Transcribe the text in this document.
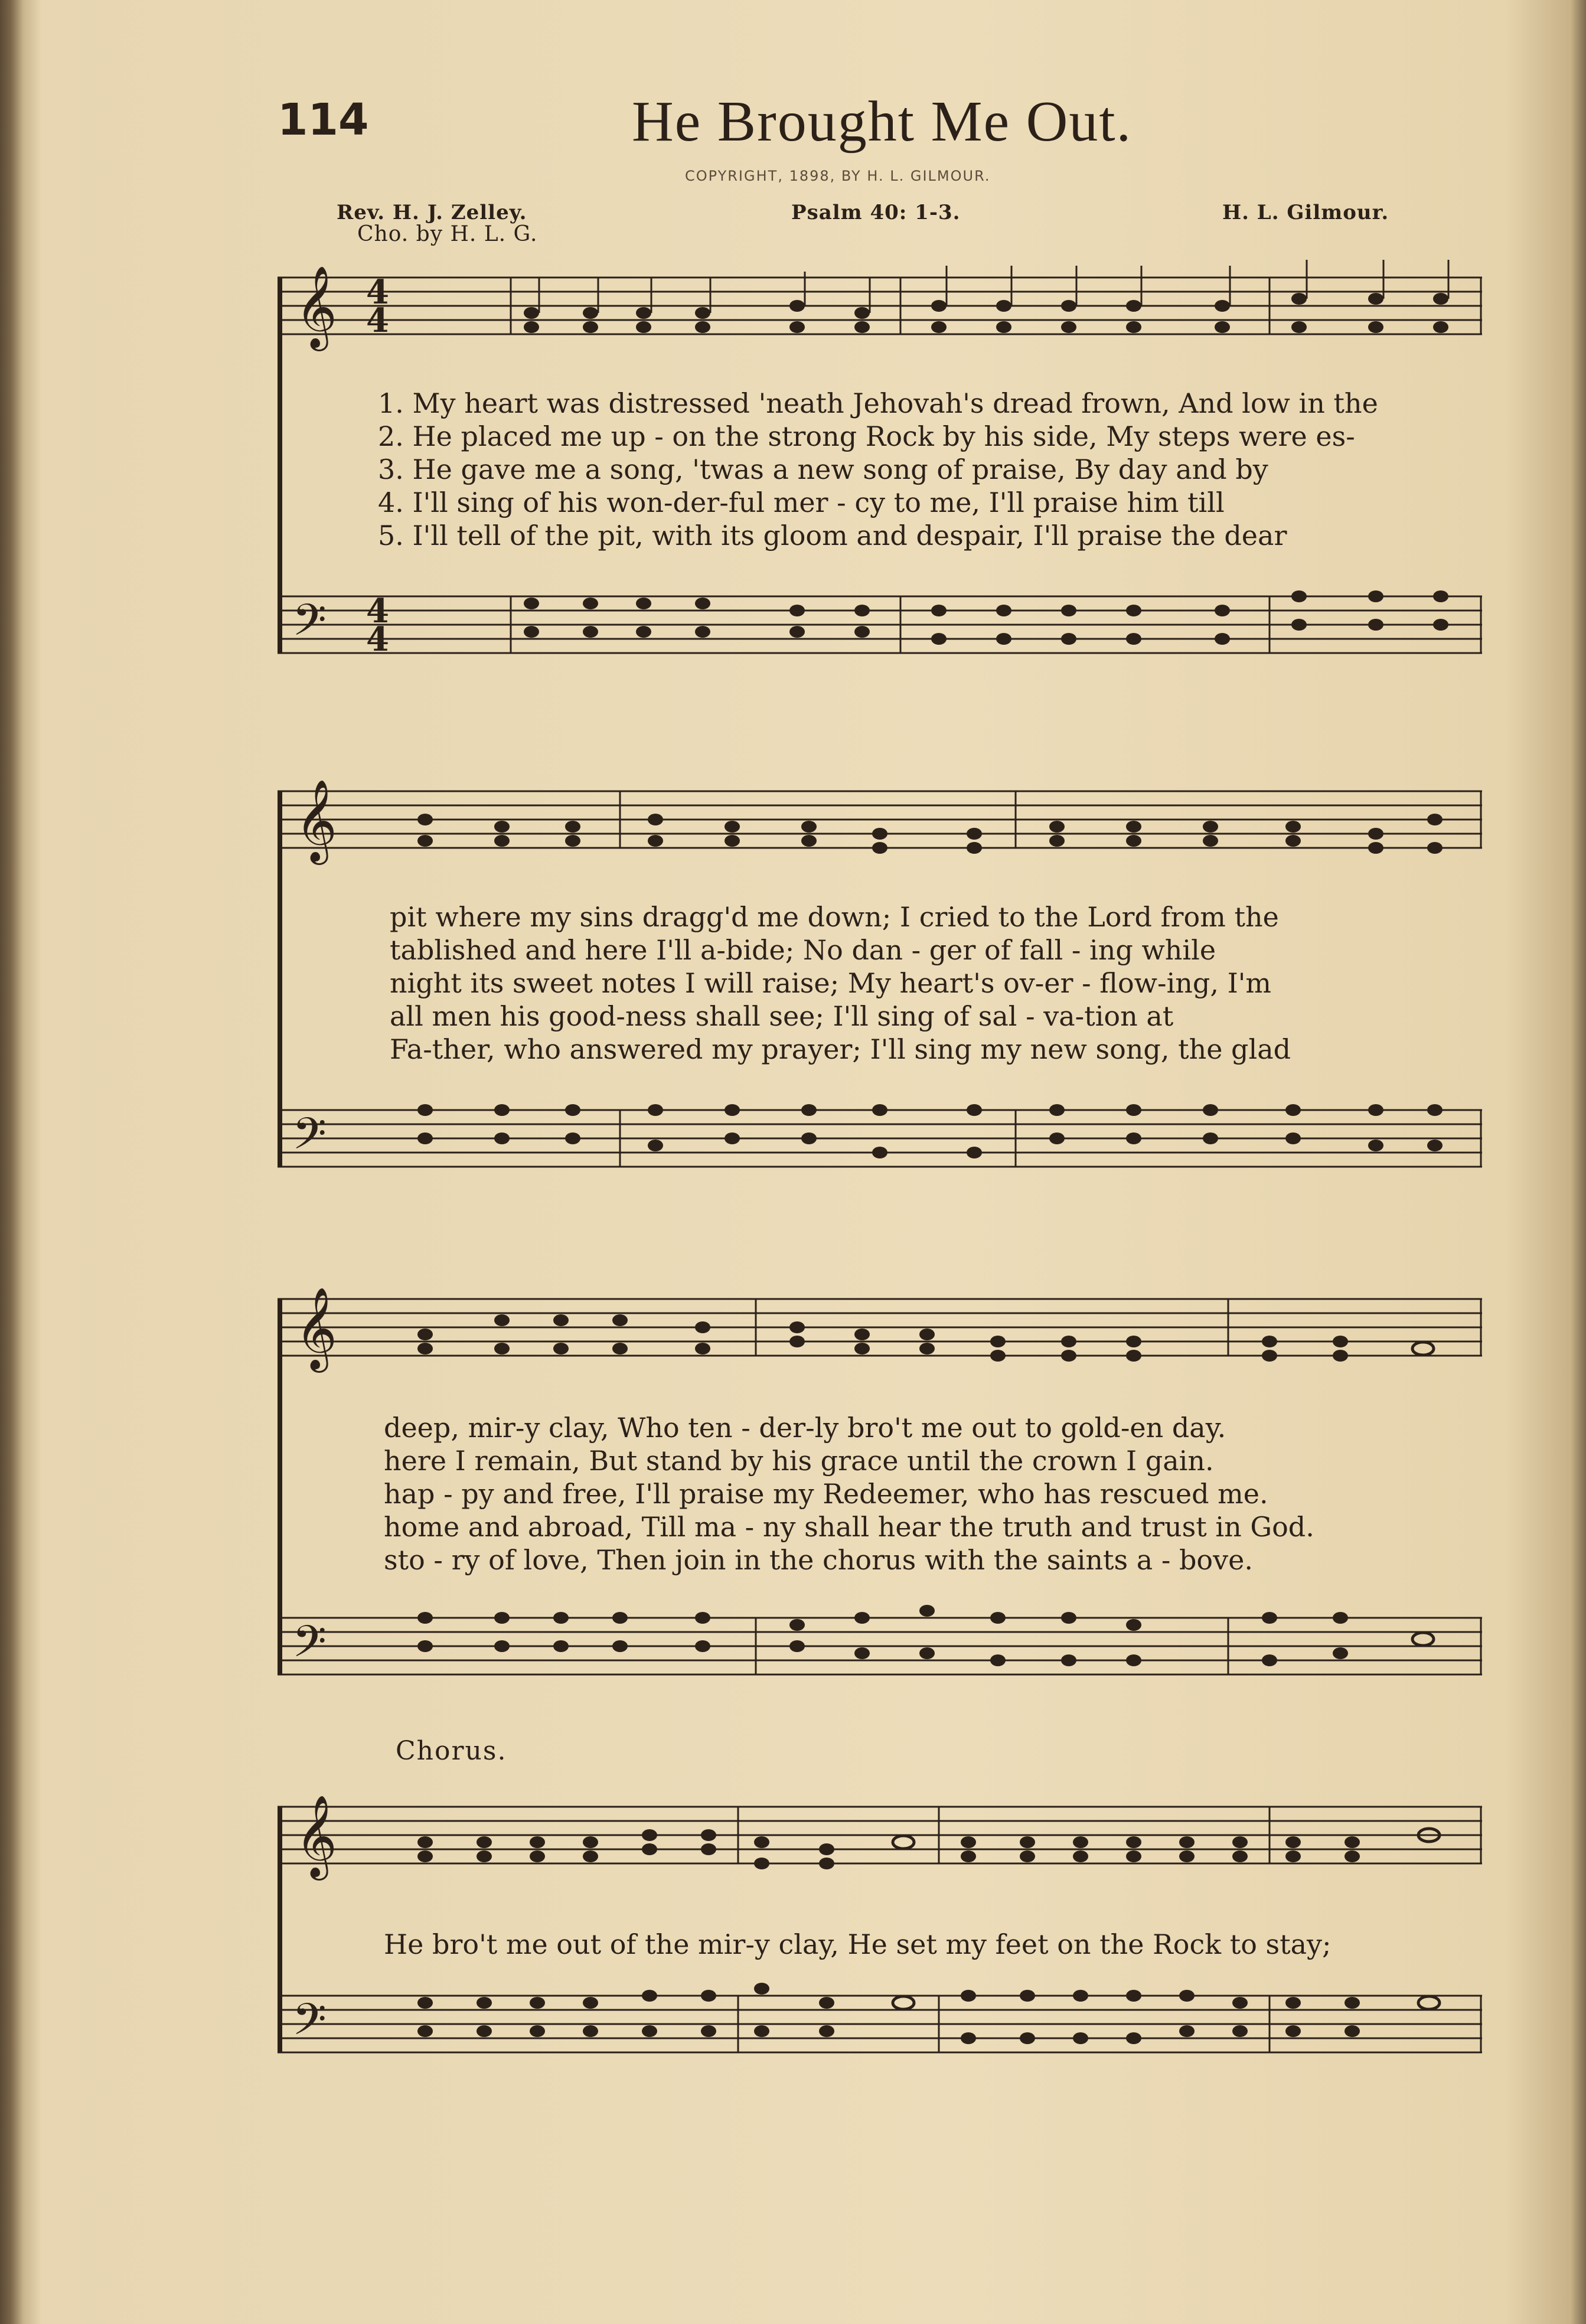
114	He Brought Me Out.
COPYRIGHT, 1898, BY H. L. GILMOUR.
Rev. H. J. Zelley.
Cho. by H. L. G.
Psalm 40: 1-3.	H. L. Gilmour.
𝄞
𝄢
4
4
4
4
1. My heart was distressed 'neath Jehovah's dread frown, And low in the
2. He placed me up - on the strong Rock by his side, My steps were es-
3. He gave me a song, 'twas a new song of praise, By day and by
4. I'll sing of his won-der-ful mer - cy to me, I'll praise him till
5. I'll tell of the pit, with its gloom and despair, I'll praise the dear
𝄞
𝄢
pit where my sins dragg'd me down; I cried to the Lord from the
tablished and here I'll a-bide; No dan - ger of fall - ing while
night its sweet notes I will raise; My heart's ov-er - flow-ing, I'm
all men his good-ness shall see; I'll sing of sal - va-tion at
Fa-ther, who answered my prayer; I'll sing my new song, the glad
𝄞
𝄢
deep, mir-y clay, Who ten - der-ly bro't me out to gold-en day.
here I remain, But stand by his grace until the crown I gain.
hap - py and free, I'll praise my Redeemer, who has rescued me.
home and abroad, Till ma - ny shall hear the truth and trust in God.
sto - ry of love, Then join in the chorus with the saints a - bove.
Chorus.
𝄞
𝄢
He bro't me out of the mir-y clay, He set my feet on the Rock to stay;
